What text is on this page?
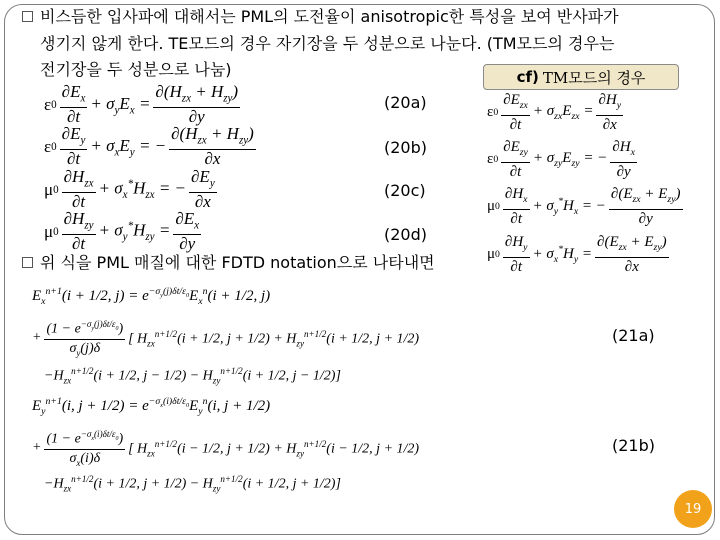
비스듬한 입사파에 대해서는 PML의 도전율이 anisotropic한 특성을 보여 반사파가
생기지 않게 한다. TE모드의 경우 자기장을 두 성분으로 나눈다. (TM모드의 경우는
전기장을 두 성분으로 나눔)	cf) TM모드의 경우
ε $0 \frac{\partial E_x}{\partial t} + \sigma_yE_x = \frac{\partial(H_{zx} + H_{zy})}{\partial y}$	(20a)
ε $0 \frac{\partial E_y}{\partial t} + \sigma_xE_y$ = − $\frac{\partial(H_{zx} + H_{zy})}{\partial x}$	(20b)
μ $0 \frac{\partial H_{zx}}{\partial t} + \sigma_x^*H_{zx}$ = − $\frac{\partial E_y}{\partial x}$	(20c)
μ $0 \frac{\partial H_{zy}}{\partial t} + \sigma_y^*H_{zy} = \frac{\partial E_x}{\partial y}$	(20d)
ε $0 \frac{\partial E_{zx}}{\partial t} + \sigma_{zx}E_{zx} = \frac{\partial H_y}{\partial x}$
ε $0 \frac{\partial E_{zy}}{\partial t} + \sigma_{zy}E_{zy}$ = − $\frac{\partial H_x}{\partial y}$
μ $0 \frac{\partial H_x}{\partial t} + \sigma_y^*H_x$ = − $\frac{\partial(E_{zx} + E_{zy})}{\partial y}$
μ $0 \frac{\partial H_y}{\partial t} + \sigma_x^*H_y = \frac{\partial(E_{zx} + E_{zy})}{\partial x}$
위 식을 PML 매질에 대한 FDTD notation으로 나타내면
$E_x^{n+1}(i + 1/2$, $j) = e^{-\sigma_y(j)\delta t/\varepsilon_0}E_x^n(i + 1/2$, j)
+ $\frac{(1 - e^{-\sigma_y(j)\delta t/\varepsilon_0})}{\sigma_y(j)\delta}$ [ $H_{zx}^{n+1/2}(i + 1/2$, $j + 1/2) + H_{zy}^{n+1/2}(i + 1/2$, j + 1/2)	(21a)
$-H_{zx}^{n+1/2}(i + 1/2$, $j - 1/2) - H_{zy}^{n+1/2}(i + 1/2$, j − 1/2)]
$E_y^{n+1}(i$, $j + 1/2) = e^{-\sigma_x(i)\delta t/\varepsilon_0}E_y^n(i$, j + 1/2)
+ $\frac{(1 - e^{-\sigma_x(i)\delta t/\varepsilon_0})}{\sigma_x(i)\delta}$ [ $H_{zx}^{n+1/2}(i - 1/2$, $j + 1/2) + H_{zy}^{n+1/2}(i - 1/2$, j + 1/2)	(21b)
$-H_{zx}^{n+1/2}(i + 1/2$, $j + 1/2) - H_{zy}^{n+1/2}(i + 1/2$, j + 1/2)]
19
